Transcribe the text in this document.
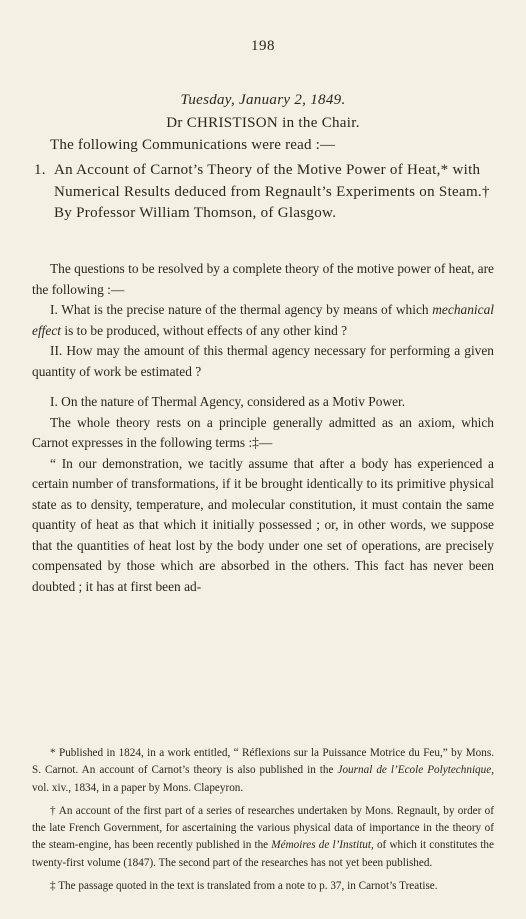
198
Tuesday, January 2, 1849.
Dr CHRISTISON in the Chair.
The following Communications were read :—
1. An Account of Carnot’s Theory of the Motive Power of Heat,* with Numerical Results deduced from Regnault’s Experiments on Steam.† By Professor William Thomson, of Glasgow.

The questions to be resolved by a complete theory of the motive power of heat, are the following :—

I. What is the precise nature of the thermal agency by means of which mechanical effect is to be produced, without effects of any other kind ?

II. How may the amount of this thermal agency necessary for performing a given quantity of work be estimated ?

I. On the nature of Thermal Agency, considered as a Motiv Power.

The whole theory rests on a principle generally admitted as an axiom, which Carnot expresses in the following terms :‡—

“ In our demonstration, we tacitly assume that after a body has experienced a certain number of transformations, if it be brought identically to its primitive physical state as to density, temperature, and molecular constitution, it must contain the same quantity of heat as that which it initially possessed ; or, in other words, we suppose that the quantities of heat lost by the body under one set of operations, are precisely compensated by those which are absorbed in the others. This fact has never been doubted ; it has at first been ad-

* Published in 1824, in a work entitled, “ Réflexions sur la Puissance Motrice du Feu,” by Mons. S. Carnot. An account of Carnot’s theory is also published in the Journal de l’Ecole Polytechnique, vol. xiv., 1834, in a paper by Mons. Clapeyron.

† An account of the first part of a series of researches undertaken by Mons. Regnault, by order of the late French Government, for ascertaining the various physical data of importance in the theory of the steam-engine, has been recently published in the Mémoires de l’Institut, of which it constitutes the twenty-first volume (1847). The second part of the researches has not yet been published.

‡ The passage quoted in the text is translated from a note to p. 37, in Carnot’s Treatise.
